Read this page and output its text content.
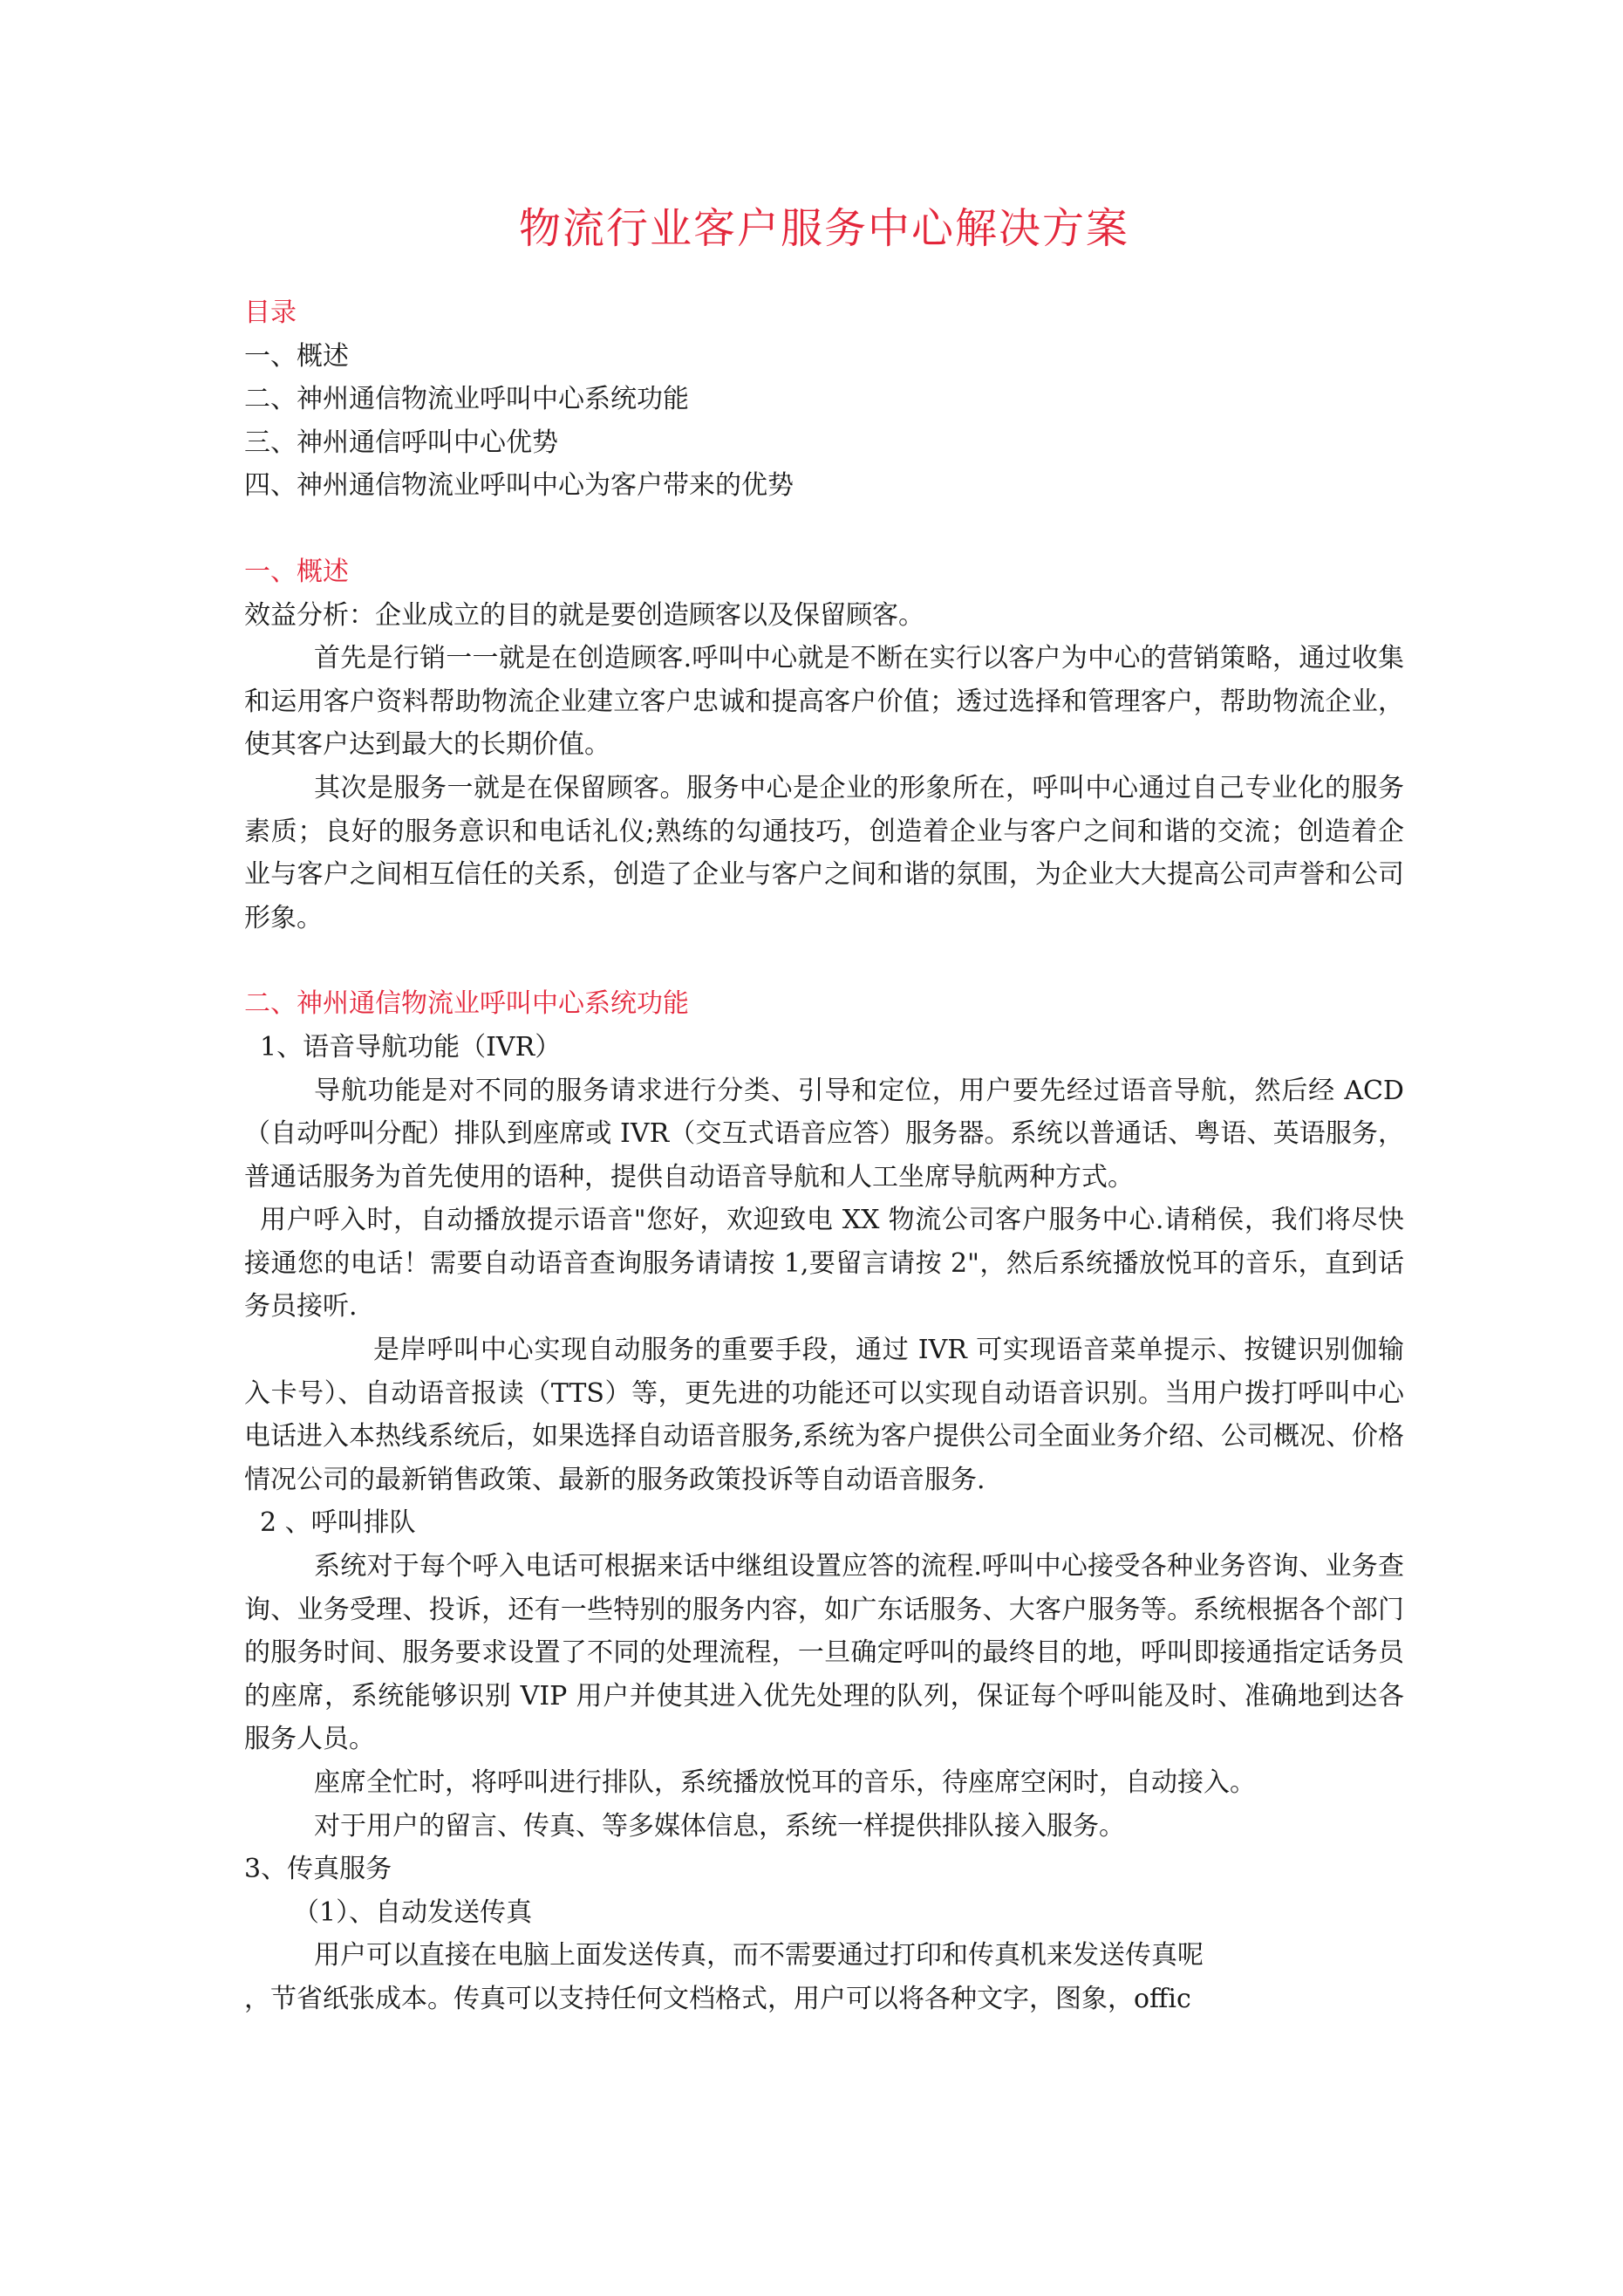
物流行业客户服务中心解决方案

目录

一、概述

二、神州通信物流业呼叫中心系统功能

三、神州通信呼叫中心优势

四、神州通信物流业呼叫中心为客户带来的优势

一、概述

效益分析：企业成立的目的就是要创造顾客以及保留顾客。

首先是行销一一就是在创造顾客.呼叫中心就是不断在实行以客户为中心的营销策略，通过收集和运用客户资料帮助物流企业建立客户忠诚和提高客户价值；透过选择和管理客户，帮助物流企业，使其客户达到最大的长期价值。

其次是服务一就是在保留顾客。服务中心是企业的形象所在，呼叫中心通过自己专业化的服务素质；良好的服务意识和电话礼仪;熟练的勾通技巧，创造着企业与客户之间和谐的交流；创造着企业与客户之间相互信任的关系，创造了企业与客户之间和谐的氛围，为企业大大提高公司声誉和公司形象。

二、神州通信物流业呼叫中心系统功能

1、语音导航功能（IVR）

导航功能是对不同的服务请求进行分类、引导和定位，用户要先经过语音导航，然后经 ACD（自动呼叫分配）排队到座席或 IVR（交互式语音应答）服务器。系统以普通话、粤语、英语服务，普通话服务为首先使用的语种，提供自动语音导航和人工坐席导航两种方式。

用户呼入时，自动播放提示语音"您好，欢迎致电 XX 物流公司客户服务中心.请稍侯，我们将尽快接通您的电话！需要自动语音查询服务请请按 1,要留言请按 2"，然后系统播放悦耳的音乐，直到话务员接听.

是岸呼叫中心实现自动服务的重要手段，通过 IVR 可实现语音菜单提示、按键识别伽输入卡号）、自动语音报读（TTS）等，更先进的功能还可以实现自动语音识别。当用户拨打呼叫中心电话进入本热线系统后，如果选择自动语音服务,系统为客户提供公司全面业务介绍、公司概况、价格情况公司的最新销售政策、最新的服务政策投诉等自动语音服务.

2 、呼叫排队

系统对于每个呼入电话可根据来话中继组设置应答的流程.呼叫中心接受各种业务咨询、业务查询、业务受理、投诉，还有一些特别的服务内容，如广东话服务、大客户服务等。系统根据各个部门的服务时间、服务要求设置了不同的处理流程，一旦确定呼叫的最终目的地，呼叫即接通指定话务员的座席，系统能够识别 VIP 用户并使其进入优先处理的队列，保证每个呼叫能及时、准确地到达各服务人员。

座席全忙时，将呼叫进行排队，系统播放悦耳的音乐，待座席空闲时，自动接入。

对于用户的留言、传真、等多媒体信息，系统一样提供排队接入服务。

3、传真服务

（1）、自动发送传真

用户可以直接在电脑上面发送传真，而不需要通过打印和传真机来发送传真呢

，节省纸张成本。传真可以支持任何文档格式，用户可以将各种文字，图象，offic
